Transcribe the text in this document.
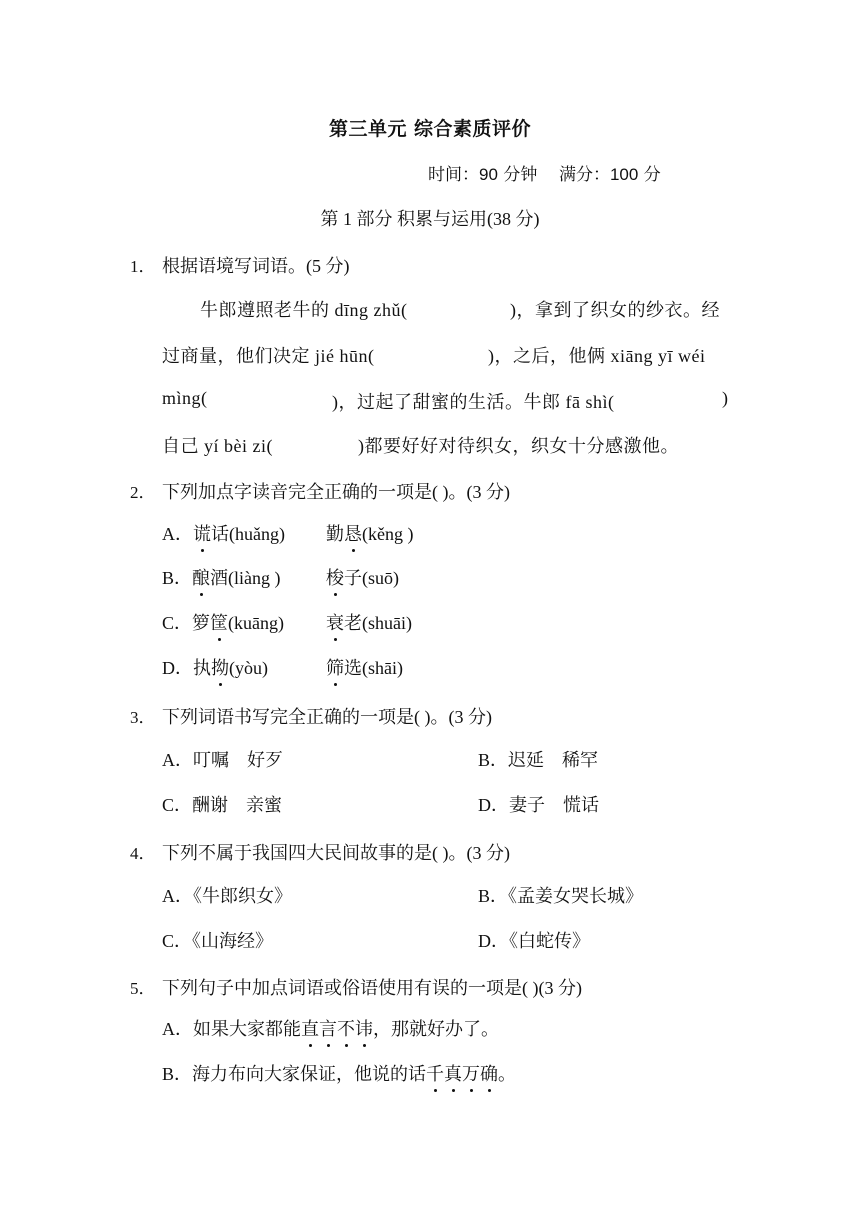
第三单元 综合素质评价
时间：90 分钟 满分：100 分
第 1 部分 积累与运用(38 分)
1． 根据语境写词语。(5 分)
牛郎遵照老牛的 dīng zhǔ(	)，拿到了织女的纱衣。经
过商量，他们决定 jié hūn(	)，之后，他俩 xiāng yī wéi
mìng(	)，过起了甜蜜的生活。牛郎 fā shì(	)
自己 yí bèi zi(	)都要好好对待织女，织女十分感激他。
2． 下列加点字读音完全正确的一项是( )。(3 分)
A．谎话(huǎng) 勤恳(kěng )
B．酿酒(liàng )	梭子(suō)
C．箩筐(kuāng) 衰老(shuāi)
D．执拗(yòu)	筛选(shāi)
3． 下列词语书写完全正确的一项是( )。(3 分)
A．叮嘱    好歹	B．迟延    稀罕
C．酬谢    亲蜜	D．妻子    慌话
4． 下列不属于我国四大民间故事的是( )。(3 分)
A．《牛郎织女》	B．《孟姜女哭长城》
C．《山海经》	D．《白蛇传》
5． 下列句子中加点词语或俗语使用有误的一项是( )(3 分)
A．如果大家都能直言不讳，那就好办了。
B．海力布向大家保证，他说的话千真万确。
